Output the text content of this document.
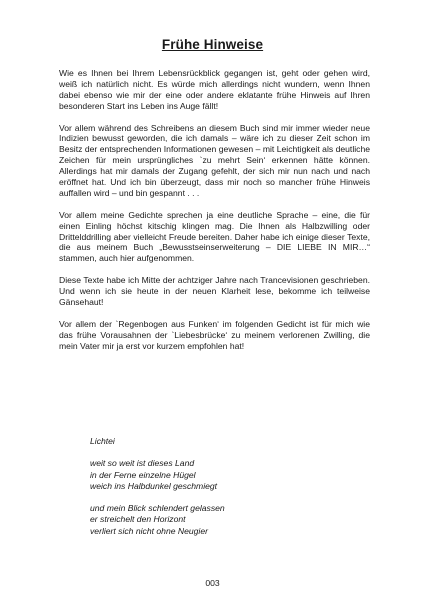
Frühe Hinweise

Wie es Ihnen bei Ihrem Lebensrückblick gegangen ist, geht oder gehen wird, weiß ich natürlich nicht. Es würde mich allerdings nicht wundern, wenn Ihnen dabei ebenso wie mir der eine oder andere eklatante frühe Hinweis auf Ihren besonderen Start ins Leben ins Auge fällt!

Vor allem während des Schreibens an diesem Buch sind mir immer wieder neue Indizien bewusst geworden, die ich damals – wäre ich zu dieser Zeit schon im Besitz der entsprechenden Informationen gewesen – mit Leichtigkeit als deutliche Zeichen für mein ursprüngliches `zu mehrt Sein‘ erkennen hätte können. Allerdings hat mir damals der Zugang gefehlt, der sich mir nun nach und nach eröffnet hat. Und ich bin überzeugt, dass mir noch so mancher frühe Hinweis auffallen wird – und bin gespannt . . .

Vor allem meine Gedichte sprechen ja eine deutliche Sprache – eine, die für einen Einling höchst kitschig klingen mag. Die Ihnen als Halbzwilling oder Drittelddrilling aber vielleicht Freude bereiten. Daher habe ich einige dieser Texte, die aus meinem Buch „Bewusstseinserweiterung – DIE LIEBE IN MIR…“ stammen, auch hier aufgenommen.

Diese Texte habe ich Mitte der achtziger Jahre nach Trancevisionen geschrieben. Und wenn ich sie heute in der neuen Klarheit lese, bekomme ich teilweise Gänsehaut!

Vor allem der `Regenbogen aus Funken‘ im folgenden Gedicht ist für mich wie das frühe Vorausahnen der `Liebesbrücke‘ zu meinem verlorenen Zwilling, die mein Vater mir ja erst vor kurzem empfohlen hat!

Lichtei
weit so weit ist dieses Land
in der Ferne einzelne Hügel
weich ins Halbdunkel geschmiegt
und mein Blick schlendert gelassen
er streichelt den Horizont
verliert sich nicht ohne Neugier
003
